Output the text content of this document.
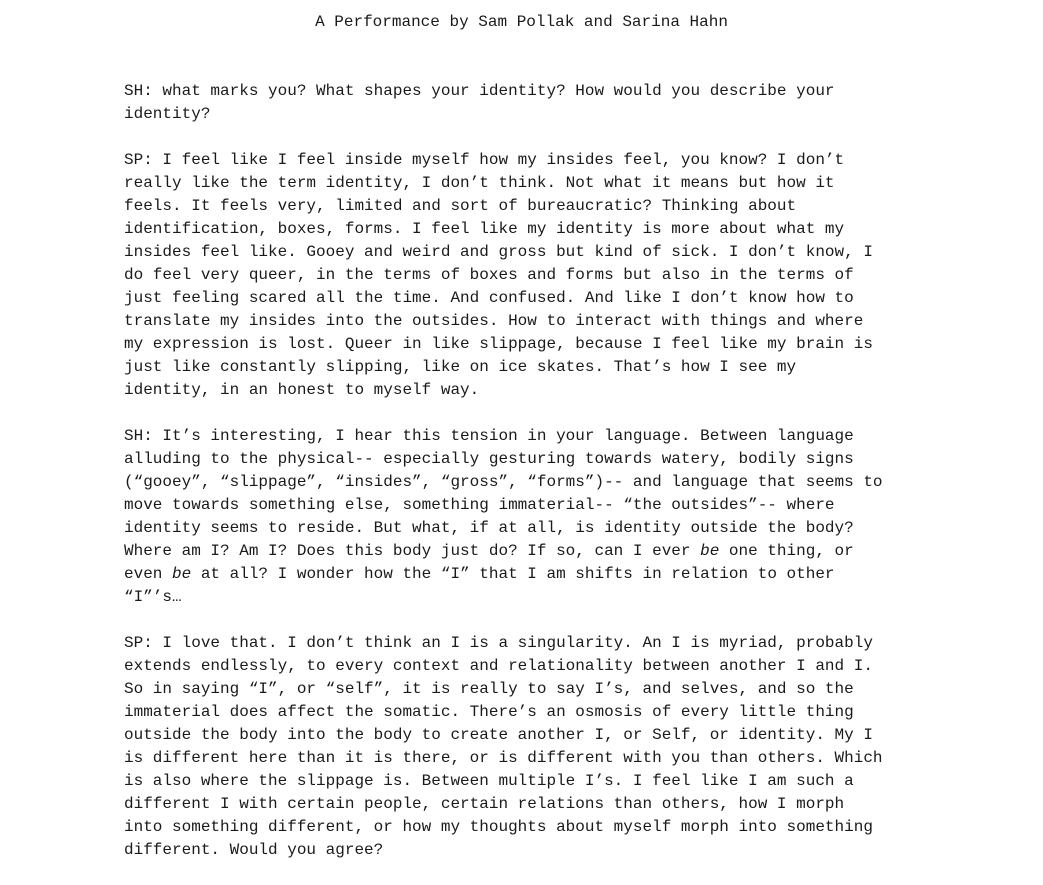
A Performance by Sam Pollak and Sarina Hahn
SH: what marks you? What shapes your identity? How would you describe your
identity?
SP: I feel like I feel inside myself how my insides feel, you know? I don’t
really like the term identity, I don’t think. Not what it means but how it
feels. It feels very, limited and sort of bureaucratic? Thinking about
identification, boxes, forms. I feel like my identity is more about what my
insides feel like. Gooey and weird and gross but kind of sick. I don’t know, I
do feel very queer, in the terms of boxes and forms but also in the terms of
just feeling scared all the time. And confused. And like I don’t know how to
translate my insides into the outsides. How to interact with things and where
my expression is lost. Queer in like slippage, because I feel like my brain is
just like constantly slipping, like on ice skates. That’s how I see my
identity, in an honest to myself way.
SH: It’s interesting, I hear this tension in your language. Between language
alluding to the physical-- especially gesturing towards watery, bodily signs
(“gooey”, “slippage”, “insides”, “gross”, “forms”)-- and language that seems to
move towards something else, something immaterial-- “the outsides”-- where
identity seems to reside. But what, if at all, is identity outside the body?
Where am I? Am I? Does this body just do? If so, can I ever be one thing, or
even be at all? I wonder how the “I” that I am shifts in relation to other
“I”’s…
SP: I love that. I don’t think an I is a singularity. An I is myriad, probably
extends endlessly, to every context and relationality between another I and I.
So in saying “I”, or “self”, it is really to say I’s, and selves, and so the
immaterial does affect the somatic. There’s an osmosis of every little thing
outside the body into the body to create another I, or Self, or identity. My I
is different here than it is there, or is different with you than others. Which
is also where the slippage is. Between multiple I’s. I feel like I am such a
different I with certain people, certain relations than others, how I morph
into something different, or how my thoughts about myself morph into something
different. Would you agree?
